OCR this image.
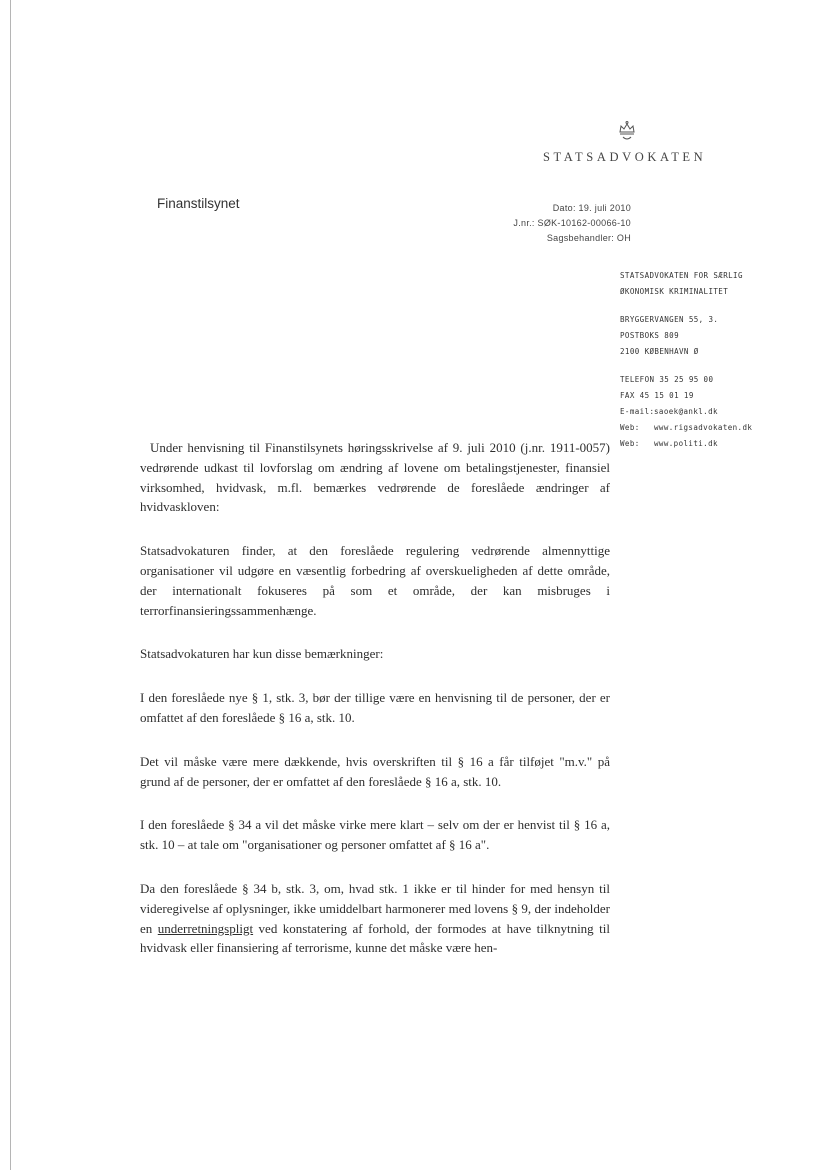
STATSADVOKATEN
Finanstilsynet	Dato: 19. juli 2010
J.nr.: SØK-10162-00066-10
Sagsbehandler: OH
STATSADVOKATEN FOR SÆRLIG
ØKONOMISK KRIMINALITET
BRYGGERVANGEN 55, 3.
POSTBOKS 809
2100 KØBENHAVN Ø
TELEFON 35 25 95 00
FAX 45 15 01 19
E-mail:saoek@ankl.dk
Web: www.rigsadvokaten.dk
Web: www.politi.dk

Under henvisning til Finanstilsynets høringsskrivelse af 9. juli 2010 (j.nr. 1911-0057) vedrørende udkast til lovforslag om ændring af lovene om betalingstjenester, finansiel virksomhed, hvidvask, m.fl. bemærkes vedrørende de foreslåede ændringer af hvidvaskloven:

Statsadvokaturen finder, at den foreslåede regulering vedrørende almennyttige organisationer vil udgøre en væsentlig forbedring af overskueligheden af dette område, der internationalt fokuseres på som et område, der kan misbruges i terrorfinansieringssammenhænge.

Statsadvokaturen har kun disse bemærkninger:

I den foreslåede nye § 1, stk. 3, bør der tillige være en henvisning til de personer, der er omfattet af den foreslåede § 16 a, stk. 10.

Det vil måske være mere dækkende, hvis overskriften til § 16 a får tilføjet "m.v." på grund af de personer, der er omfattet af den foreslåede § 16 a, stk. 10.

I den foreslåede § 34 a vil det måske virke mere klart – selv om der er henvist til § 16 a, stk. 10 – at tale om "organisationer og personer omfattet af § 16 a".

Da den foreslåede § 34 b, stk. 3, om, hvad stk. 1 ikke er til hinder for med hensyn til videregivelse af oplysninger, ikke umiddelbart harmonerer med lovens § 9, der indeholder en underretningspligt ved konstatering af forhold, der formodes at have tilknytning til hvidvask eller finansiering af terrorisme, kunne det måske være hen-
